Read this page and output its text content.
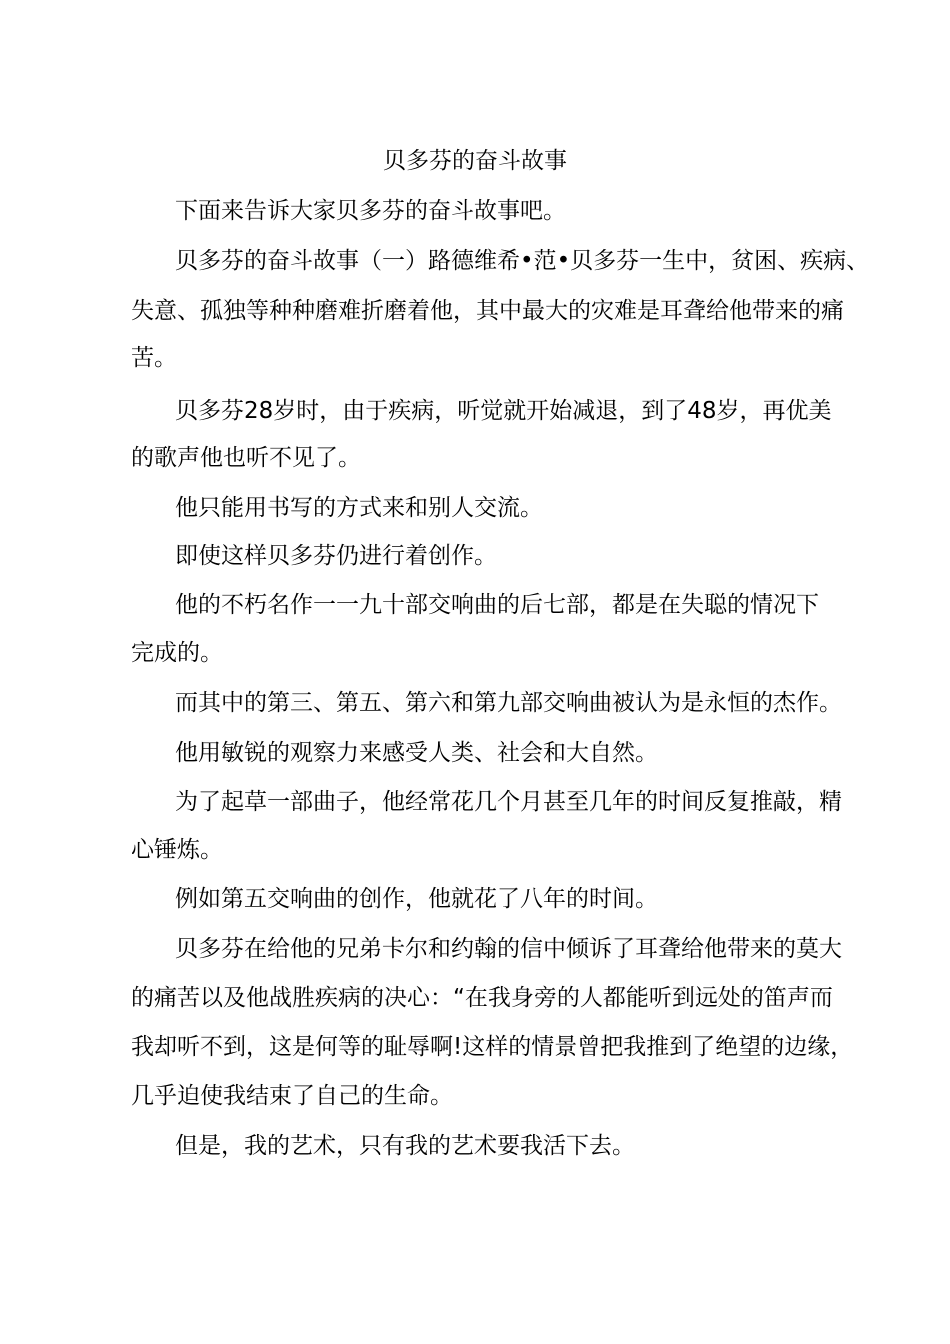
贝多芬的奋斗故事
下面来告诉大家贝多芬的奋斗故事吧。
贝多芬的奋斗故事（一）路德维希•范•贝多芬一生中，贫困、疾病、
失意、孤独等种种磨难折磨着他，其中最大的灾难是耳聋给他带来的痛
苦。
贝多芬28岁时，由于疾病，听觉就开始减退，到了48岁，再优美
的歌声他也听不见了。
他只能用书写的方式来和别人交流。
即使这样贝多芬仍进行着创作。
他的不朽名作一一九十部交响曲的后七部，都是在失聪的情况下
完成的。
而其中的第三、第五、第六和第九部交响曲被认为是永恒的杰作。
他用敏锐的观察力来感受人类、社会和大自然。
为了起草一部曲子，他经常花几个月甚至几年的时间反复推敲，精
心锤炼。
例如第五交响曲的创作，他就花了八年的时间。
贝多芬在给他的兄弟卡尔和约翰的信中倾诉了耳聋给他带来的莫大
的痛苦以及他战胜疾病的决心：“在我身旁的人都能听到远处的笛声而
我却听不到，这是何等的耻辱啊!这样的情景曾把我推到了绝望的边缘，
几乎迫使我结束了自己的生命。
但是，我的艺术，只有我的艺术要我活下去。
